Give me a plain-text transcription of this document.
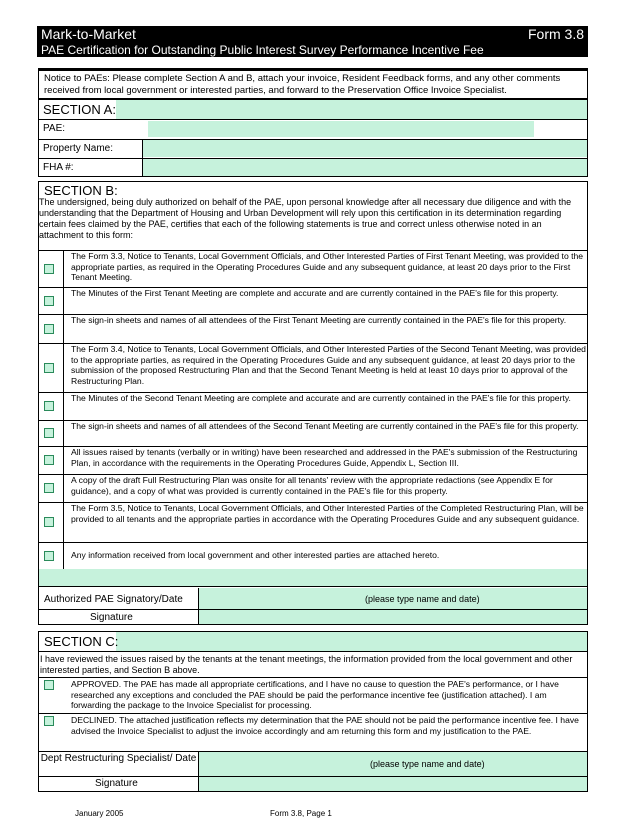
Mark-to-Market	Form 3.8
PAE Certification for Outstanding Public Interest Survey Performance Incentive Fee
Notice to PAEs: Please complete Section A and B, attach your invoice, Resident Feedback forms, and any other comments received from local government or interested parties, and forward to the Preservation Office Invoice Specialist.
SECTION A:
PAE:
Property Name:
FHA #:
SECTION B:
The undersigned, being duly authorized on behalf of the PAE, upon personal knowledge after all necessary due diligence and with the understanding that the Department of Housing and Urban Development will rely upon this certification in its determination regarding certain fees claimed by the PAE, certifies that each of the following statements is true and correct unless otherwise noted in an attachment to this form:
The Form 3.3, Notice to Tenants, Local Government Officials, and Other Interested Parties of First Tenant Meeting, was provided to the appropriate parties, as required in the Operating Procedures Guide and any subsequent guidance, at least 20 days prior to the First Tenant Meeting.
The Minutes of the First Tenant Meeting are complete and accurate and are currently contained in the PAE's file for this property.
The sign-in sheets and names of all attendees of the First Tenant Meeting are currently contained in the PAE's file for this property.
The Form 3.4, Notice to Tenants, Local Government Officials, and Other Interested Parties of the Second Tenant Meeting, was provided to the appropriate parties, as required in the Operating Procedures Guide and any subsequent guidance, at least 20 days prior to the submission of the proposed Restructuring Plan and that the Second Tenant Meeting is held at least 10 days prior to approval of the Restructuring Plan.
The Minutes of the Second Tenant Meeting are complete and accurate and are currently contained in the PAE's file for this property.
The sign-in sheets and names of all attendees of the Second Tenant Meeting are currently contained in the PAE's file for this property.
All issues raised by tenants (verbally or in writing) have been researched and addressed in the PAE's submission of the Restructuring Plan, in accordance with the requirements in the Operating Procedures Guide, Appendix L, Section III.
A copy of the draft Full Restructuring Plan was onsite for all tenants' review with the appropriate redactions (see Appendix E for guidance), and a copy of what was provided is currently contained in the PAE's file for this property.
The Form 3.5, Notice to Tenants, Local Government Officials, and Other Interested Parties of the Completed Restructuring Plan, will be provided to all tenants and the appropriate parties in accordance with the Operating Procedures Guide and any subsequent guidance.
Any information received from local government and other interested parties are attached hereto.
Authorized PAE Signatory/Date	(please type name and date)
Signature
SECTION C:
I have reviewed the issues raised by the tenants at the tenant meetings, the information provided from the local government and other interested parties, and Section B above.
APPROVED. The PAE has made all appropriate certifications, and I have no cause to question the PAE's performance, or I have researched any exceptions and concluded the PAE should be paid the performance incentive fee (justification attached). I am forwarding the package to the Invoice Specialist for processing.
DECLINED. The attached justification reflects my determination that the PAE should not be paid the performance incentive fee. I have advised the Invoice Specialist to adjust the invoice accordingly and am returning this form and my justification to the PAE.
Dept Restructuring Specialist/ Date	(please type name and date)
Signature
January 2005	Form 3.8, Page 1
